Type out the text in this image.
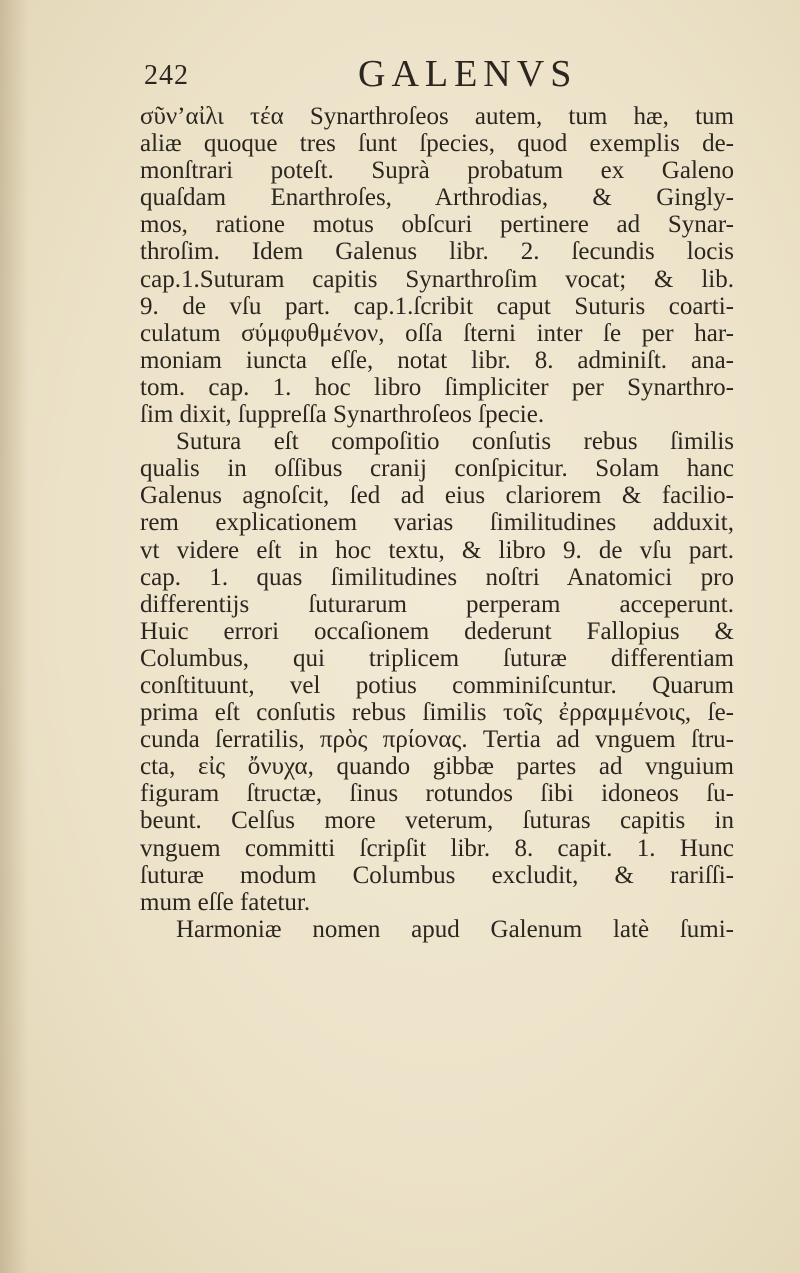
242	GALENVS
σῦν’αἰλι τέα Synarthroſeos autem, tum hæ, tum
aliæ quoque tres ſunt ſpecies, quod exemplis de-
monſtrari poteſt. Suprà probatum ex Galeno
quaſdam Enarthroſes, Arthrodias, & Gingly-
mos, ratione motus obſcuri pertinere ad Synar-
throſim. Idem Galenus libr. 2. ſecundis locis
cap.1.Suturam capitis Synarthroſim vocat; & lib.
9. de vſu part. cap.1.ſcribit caput Suturis coarti-
culatum σύμφυθμένον, oſſa ſterni inter ſe per har-
moniam iuncta eſſe, notat libr. 8. adminiſt. ana-
tom. cap. 1. hoc libro ſimpliciter per Synarthro-
ſim dixit, ſuppreſſa Synarthroſeos ſpecie.
Sutura eſt compoſitio conſutis rebus ſimilis
qualis in oſſibus cranij conſpicitur. Solam hanc
Galenus agnoſcit, ſed ad eius clariorem & facilio-
rem explicationem varias ſimilitudines adduxit,
vt videre eſt in hoc textu, & libro 9. de vſu part.
cap. 1. quas ſimilitudines noſtri Anatomici pro
differentijs ſuturarum perperam acceperunt.
Huic errori occaſionem dederunt Fallopius &
Columbus, qui triplicem ſuturæ differentiam
conſtituunt, vel potius comminiſcuntur. Quarum
prima eſt conſutis rebus ſimilis τοῖς ἐρραμμένοις, ſe-
cunda ſerratilis, πρὸς πρίονας. Tertia ad vnguem ſtru-
cta, εἰς ὄνυχα, quando gibbæ partes ad vnguium
figuram ſtructæ, ſinus rotundos ſibi idoneos ſu-
beunt. Celſus more veterum, ſuturas capitis in
vnguem committi ſcripſit libr. 8. capit. 1. Hunc
ſuturæ modum Columbus excludit, & rariſſi-
mum eſſe fatetur.
Harmoniæ nomen apud Galenum latè ſumi-
